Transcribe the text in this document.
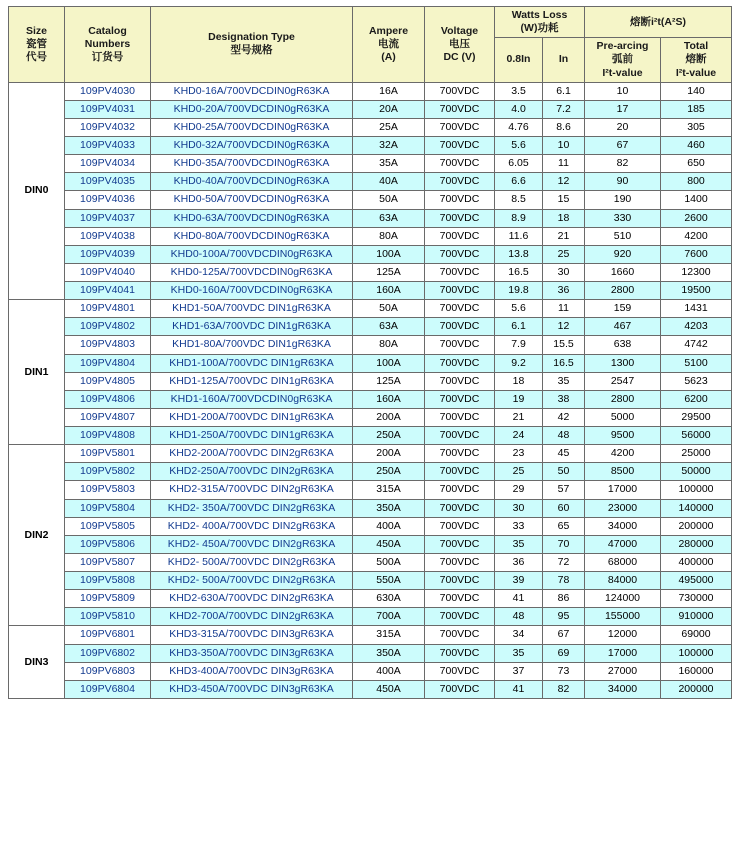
Size
瓷管
代号	Catalog
Numbers
订货号	Designation Type
型号规格	Ampere
电流
(A)	Voltage
电压
DC (V)	Watts Loss
(W)功耗		熔断i²t(A²S)	

					0.8In	In	Pre-arcing
弧前
I²t-value	Total
熔断
I²t-value

DIN0	109PV4030	KHD0-16A/700VDCDIN0gR63KA	16A	700VDC	3.5	6.1	10	140
	109PV4031	KHD0-20A/700VDCDIN0gR63KA	20A	700VDC	4.0	7.2	17	185
	109PV4032	KHD0-25A/700VDCDIN0gR63KA	25A	700VDC	4.76	8.6	20	305
	109PV4033	KHD0-32A/700VDCDIN0gR63KA	32A	700VDC	5.6	10	67	460
	109PV4034	KHD0-35A/700VDCDIN0gR63KA	35A	700VDC	6.05	11	82	650
	109PV4035	KHD0-40A/700VDCDIN0gR63KA	40A	700VDC	6.6	12	90	800
	109PV4036	KHD0-50A/700VDCDIN0gR63KA	50A	700VDC	8.5	15	190	1400
	109PV4037	KHD0-63A/700VDCDIN0gR63KA	63A	700VDC	8.9	18	330	2600
	109PV4038	KHD0-80A/700VDCDIN0gR63KA	80A	700VDC	11.6	21	510	4200
	109PV4039	KHD0-100A/700VDCDIN0gR63KA	100A	700VDC	13.8	25	920	7600
	109PV4040	KHD0-125A/700VDCDIN0gR63KA	125A	700VDC	16.5	30	1660	12300
	109PV4041	KHD0-160A/700VDCDIN0gR63KA	160A	700VDC	19.8	36	2800	19500
DIN1	109PV4801	KHD1-50A/700VDC DIN1gR63KA	50A	700VDC	5.6	11	159	1431
	109PV4802	KHD1-63A/700VDC DIN1gR63KA	63A	700VDC	6.1	12	467	4203
	109PV4803	KHD1-80A/700VDC DIN1gR63KA	80A	700VDC	7.9	15.5	638	4742
	109PV4804	KHD1-100A/700VDC DIN1gR63KA	100A	700VDC	9.2	16.5	1300	5100
	109PV4805	KHD1-125A/700VDC DIN1gR63KA	125A	700VDC	18	35	2547	5623
	109PV4806	KHD1-160A/700VDCDIN0gR63KA	160A	700VDC	19	38	2800	6200
	109PV4807	KHD1-200A/700VDC DIN1gR63KA	200A	700VDC	21	42	5000	29500
	109PV4808	KHD1-250A/700VDC DIN1gR63KA	250A	700VDC	24	48	9500	56000
DIN2	109PV5801	KHD2-200A/700VDC DIN2gR63KA	200A	700VDC	23	45	4200	25000
	109PV5802	KHD2-250A/700VDC DIN2gR63KA	250A	700VDC	25	50	8500	50000
	109PV5803	KHD2-315A/700VDC DIN2gR63KA	315A	700VDC	29	57	17000	100000
	109PV5804	KHD2- 350A/700VDC DIN2gR63KA	350A	700VDC	30	60	23000	140000
	109PV5805	KHD2- 400A/700VDC DIN2gR63KA	400A	700VDC	33	65	34000	200000
	109PV5806	KHD2- 450A/700VDC DIN2gR63KA	450A	700VDC	35	70	47000	280000
	109PV5807	KHD2- 500A/700VDC DIN2gR63KA	500A	700VDC	36	72	68000	400000
	109PV5808	KHD2- 500A/700VDC DIN2gR63KA	550A	700VDC	39	78	84000	495000
	109PV5809	KHD2-630A/700VDC DIN2gR63KA	630A	700VDC	41	86	124000	730000
	109PV5810	KHD2-700A/700VDC DIN2gR63KA	700A	700VDC	48	95	155000	910000
DIN3	109PV6801	KHD3-315A/700VDC DIN3gR63KA	315A	700VDC	34	67	12000	69000
	109PV6802	KHD3-350A/700VDC DIN3gR63KA	350A	700VDC	35	69	17000	100000
	109PV6803	KHD3-400A/700VDC DIN3gR63KA	400A	700VDC	37	73	27000	160000
	109PV6804	KHD3-450A/700VDC DIN3gR63KA	450A	700VDC	41	82	34000	200000
